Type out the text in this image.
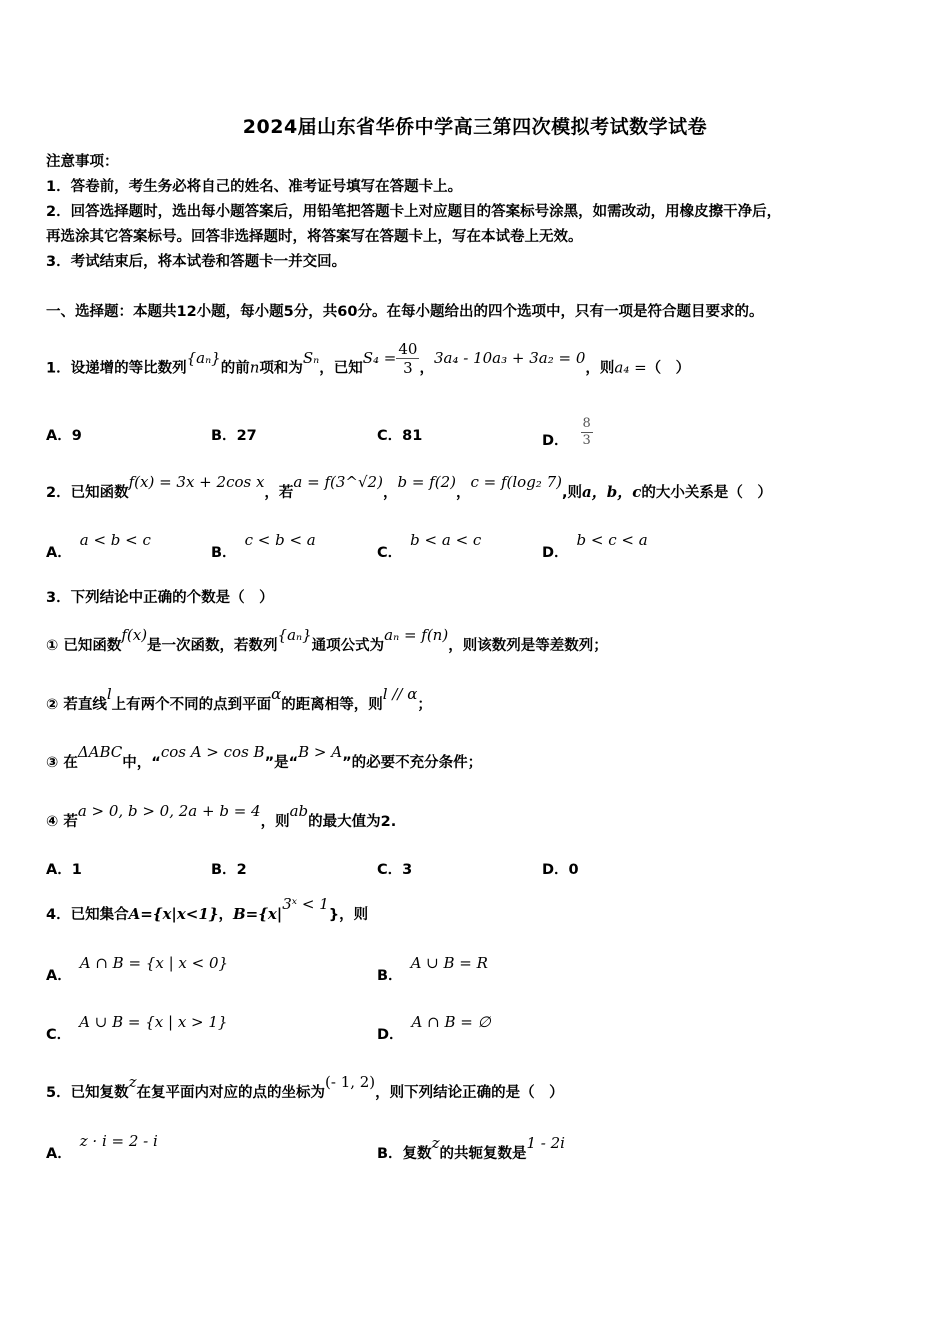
2024届山东省华侨中学高三第四次模拟考试数学试卷
注意事项：
1．答卷前，考生务必将自己的姓名、准考证号填写在答题卡上。
2．回答选择题时，选出每小题答案后，用铅笔把答题卡上对应题目的答案标号涂黑，如需改动，用橡皮擦干净后，
再选涂其它答案标号。回答非选择题时，将答案写在答题卡上，写在本试卷上无效。
3．考试结束后，将本试卷和答题卡一并交回。
一、选择题：本题共12小题，每小题5分，共60分。在每小题给出的四个选项中，只有一项是符合题目要求的。
1．设递增的等比数列{aₙ}的前n项和为Sₙ，已知$S_4 = \frac{40}{3}$ ，3a₄ - 10a₃ + 3a₂ = 0，则a₄ =（　）
A．9	B．27	C．81	D． $\frac{8}{3}$
2．已知函数f(x) = 3x + 2cos x，若a = f(3^√2)，b = f(2)，c = f(log₂ 7),则a，b，c的大小关系是（　）
A．a < b < c
B．c < b < a
C．b < a < c
D．b < c < a
3．下列结论中正确的个数是（　）
① 已知函数f(x)是一次函数，若数列{aₙ}通项公式为aₙ = f(n)，则该数列是等差数列；
② 若直线l上有两个不同的点到平面α的距离相等，则l // α；
③ 在ΔABC中，“cos A > cos B”是“B > A”的必要不充分条件；
④ 若a > 0, b > 0, 2a + b = 4，则ab的最大值为2.
A．1	B．2	C．3	D．0
4．已知集合A={x|x<1}，B={x|3ˣ < 1}，则
A．A ∩ B = {x | x < 0}
B．A ∪ B = R
C．A ∪ B = {x | x > 1}
D．A ∩ B = ∅
5．已知复数z在复平面内对应的点的坐标为(- 1, 2)，则下列结论正确的是（　）
A．z · i = 2 - i
B．复数z的共轭复数是1 - 2i
